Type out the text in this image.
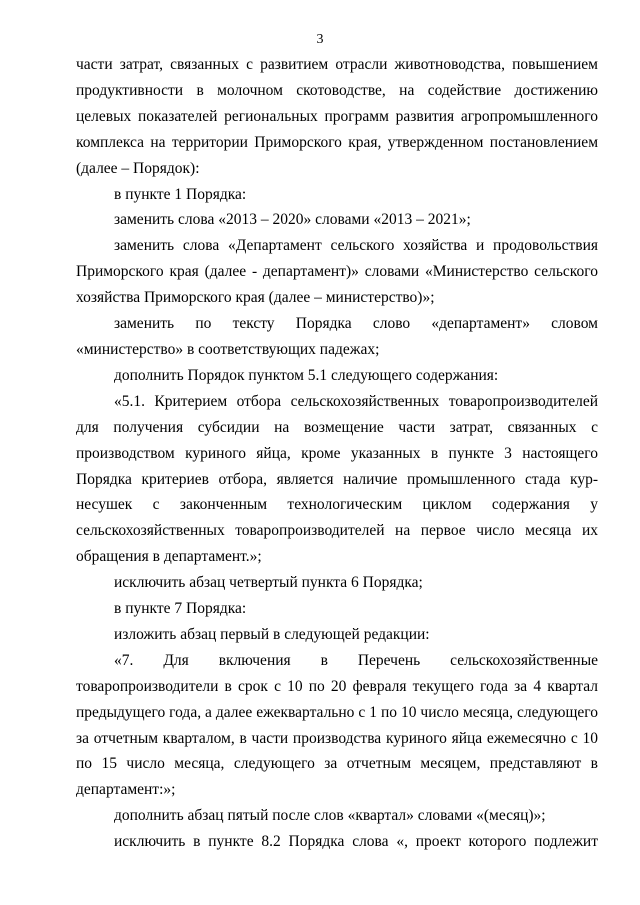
3

части затрат, связанных с развитием отрасли животноводства, повышением продуктивности в молочном скотоводстве, на содействие достижению целевых показателей региональных программ развития агропромышленного комплекса на территории Приморского края, утвержденном постановлением (далее – Порядок):

в пункте 1 Порядка:

заменить слова «2013 – 2020» словами «2013 – 2021»;

заменить слова «Департамент сельского хозяйства и продовольствия Приморского края (далее - департамент)» словами «Министерство сельского хозяйства Приморского края (далее – министерство)»;

заменить по тексту Порядка слово «департамент» словом «министерство» в соответствующих падежах;

дополнить Порядок пунктом 5.1 следующего содержания:

«5.1. Критерием отбора сельскохозяйственных товаропроизводителей для получения субсидии на возмещение части затрат, связанных с производством куриного яйца, кроме указанных в пункте 3 настоящего Порядка критериев отбора, является наличие промышленного стада кур-несушек с законченным технологическим циклом содержания у сельскохозяйственных товаропроизводителей на первое число месяца их обращения в департамент.»;

исключить абзац четвертый пункта 6 Порядка;

в пункте 7 Порядка:

изложить абзац первый в следующей редакции:

«7. Для включения в Перечень сельскохозяйственные товаропроизводители в срок с 10 по 20 февраля текущего года за 4 квартал предыдущего года, а далее ежеквартально с 1 по 10 число месяца, следующего за отчетным кварталом, в части производства куриного яйца ежемесячно с 10 по 15 число месяца, следующего за отчетным месяцем, представляют в департамент:»;

дополнить абзац пятый после слов «квартал» словами «(месяц)»;

исключить в пункте 8.2 Порядка слова «, проект которого подлежит
